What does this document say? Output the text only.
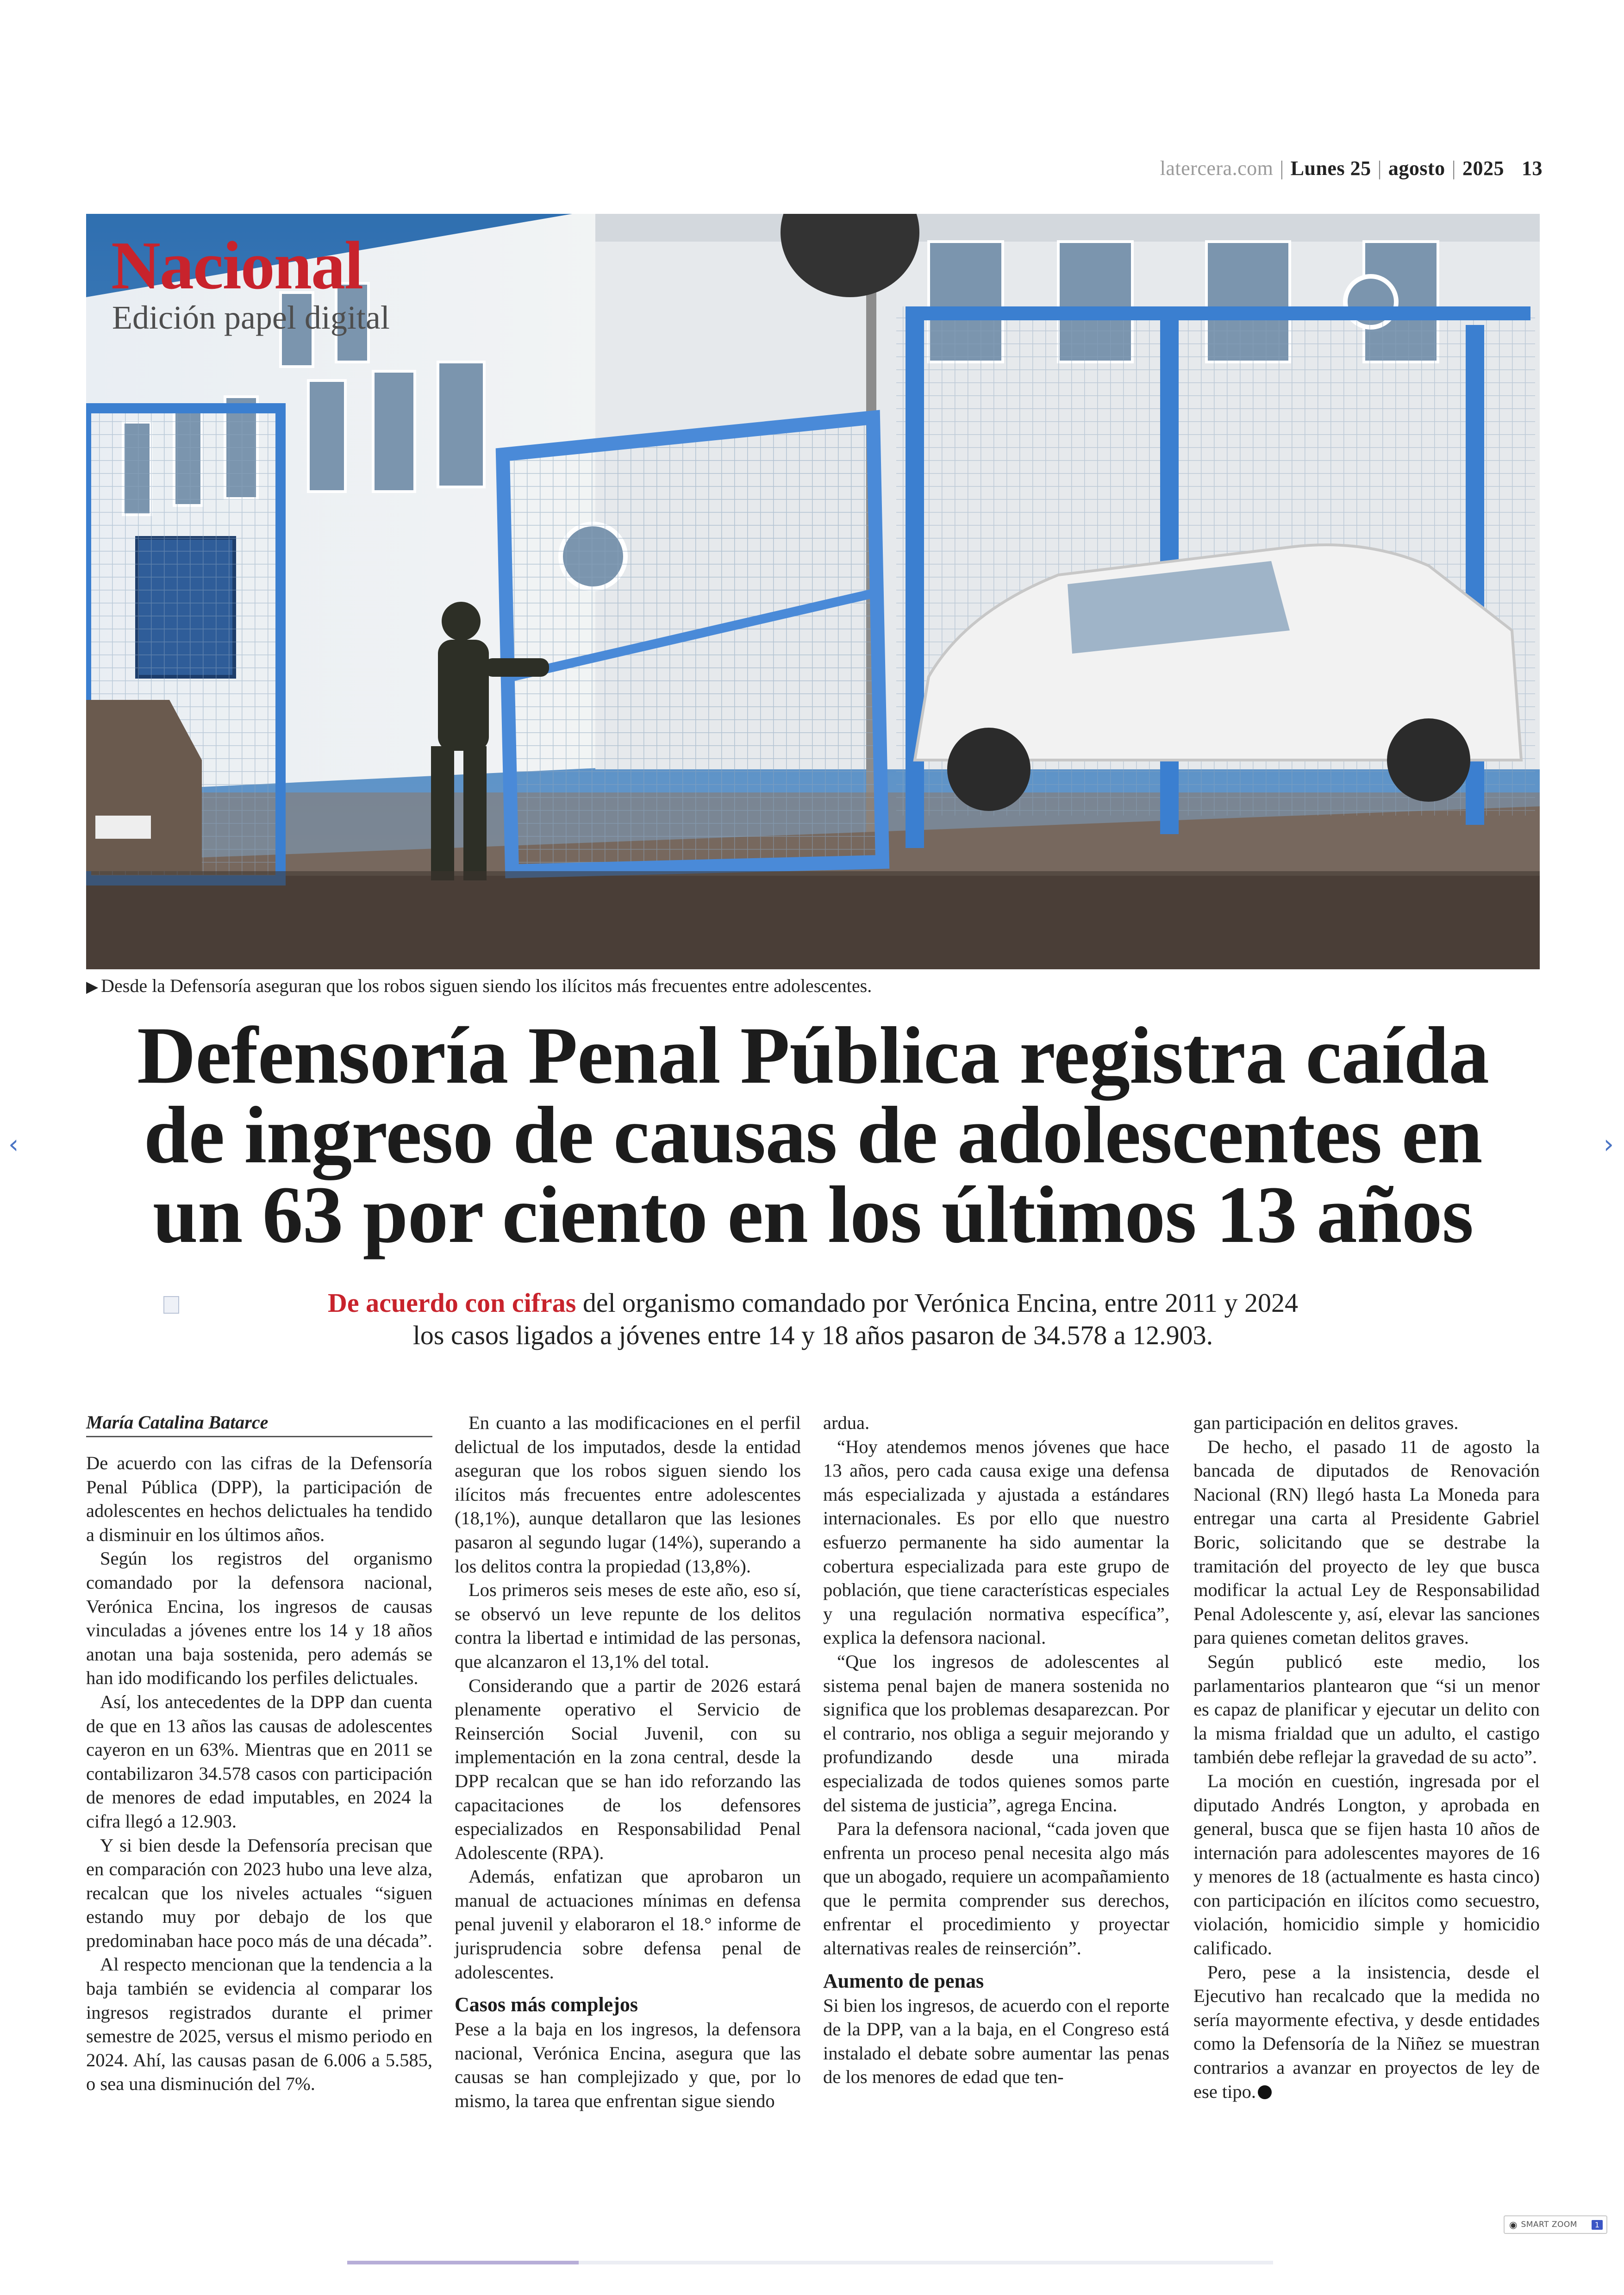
latercera.com | Lunes 25 | agosto | 2025 13
Nacional
Edición papel digital
▶ Desde la Defensoría aseguran que los robos siguen siendo los ilícitos más frecuentes entre adolescentes.
Defensoría Penal Pública registra caída
de ingreso de causas de adolescentes en
un 63 por ciento en los últimos 13 años
De acuerdo con cifras del organismo comandado por Verónica Encina, entre 2011 y 2024
los casos ligados a jóvenes entre 14 y 18 años pasaron de 34.578 a 12.903.
‹	›
María Catalina Batarce

De acuerdo con las cifras de la Defensoría Penal Pública (DPP), la participación de adolescentes en hechos delictuales ha tendido a disminuir en los últimos años.

Según los registros del organismo comandado por la defensora nacional, Verónica Encina, los ingresos de causas vinculadas a jóvenes entre los 14 y 18 años anotan una baja sostenida, pero además se han ido modificando los perfiles delictuales.

Así, los antecedentes de la DPP dan cuenta de que en 13 años las causas de adolescentes cayeron en un 63%. Mientras que en 2011 se contabilizaron 34.578 casos con participación de menores de edad imputables, en 2024 la cifra llegó a 12.903.

Y si bien desde la Defensoría precisan que en comparación con 2023 hubo una leve alza, recalcan que los niveles actuales “siguen estando muy por debajo de los que predominaban hace poco más de una década”.

Al respecto mencionan que la tendencia a la baja también se evidencia al comparar los ingresos registrados durante el primer semestre de 2025, versus el mismo periodo en 2024. Ahí, las causas pasan de 6.006 a 5.585, o sea una disminución del 7%.

En cuanto a las modificaciones en el perfil delictual de los imputados, desde la entidad aseguran que los robos siguen siendo los ilícitos más frecuentes entre adolescentes (18,1%), aunque detallaron que las lesiones pasaron al segundo lugar (14%), superando a los delitos contra la propiedad (13,8%).

Los primeros seis meses de este año, eso sí, se observó un leve repunte de los delitos contra la libertad e intimidad de las personas, que alcanzaron el 13,1% del total.

Considerando que a partir de 2026 estará plenamente operativo el Servicio de Reinserción Social Juvenil, con su implementación en la zona central, desde la DPP recalcan que se han ido reforzando las capacitaciones de los defensores especializados en Responsabilidad Penal Adolescente (RPA).

Además, enfatizan que aprobaron un manual de actuaciones mínimas en defensa penal juvenil y elaboraron el 18.° informe de jurisprudencia sobre defensa penal de adolescentes.

Casos más complejos

Pese a la baja en los ingresos, la defensora nacional, Verónica Encina, asegura que las causas se han complejizado y que, por lo mismo, la tarea que enfrentan sigue siendo

ardua.

“Hoy atendemos menos jóvenes que hace 13 años, pero cada causa exige una defensa más especializada y ajustada a estándares internacionales. Es por ello que nuestro esfuerzo permanente ha sido aumentar la cobertura especializada para este grupo de población, que tiene características especiales y una regulación normativa específica”, explica la defensora nacional.

“Que los ingresos de adolescentes al sistema penal bajen de manera sostenida no significa que los problemas desaparezcan. Por el contrario, nos obliga a seguir mejorando y profundizando desde una mirada especializada de todos quienes somos parte del sistema de justicia”, agrega Encina.

Para la defensora nacional, “cada joven que enfrenta un proceso penal necesita algo más que un abogado, requiere un acompañamiento que le permita comprender sus derechos, enfrentar el procedimiento y proyectar alternativas reales de reinserción”.

Aumento de penas

Si bien los ingresos, de acuerdo con el reporte de la DPP, van a la baja, en el Congreso está instalado el debate sobre aumentar las penas de los menores de edad que ten-

gan participación en delitos graves.

De hecho, el pasado 11 de agosto la bancada de diputados de Renovación Nacional (RN) llegó hasta La Moneda para entregar una carta al Presidente Gabriel Boric, solicitando que se destrabe la tramitación del proyecto de ley que busca modificar la actual Ley de Responsabilidad Penal Adolescente y, así, elevar las sanciones para quienes cometan delitos graves.

Según publicó este medio, los parlamentarios plantearon que “si un menor es capaz de planificar y ejecutar un delito con la misma frialdad que un adulto, el castigo también debe reflejar la gravedad de su acto”.

La moción en cuestión, ingresada por el diputado Andrés Longton, y aprobada en general, busca que se fijen hasta 10 años de internación para adolescentes mayores de 16 y menores de 18 (actualmente es hasta cinco) con participación en ilícitos como secuestro, violación, homicidio simple y homicidio calificado.

Pero, pese a la insistencia, desde el Ejecutivo han recalcado que la medida no sería mayormente efectiva, y desde entidades como la Defensoría de la Niñez se muestran contrarios a avanzar en proyectos de ley de ese tipo.

◉ SMART ZOOM	1
